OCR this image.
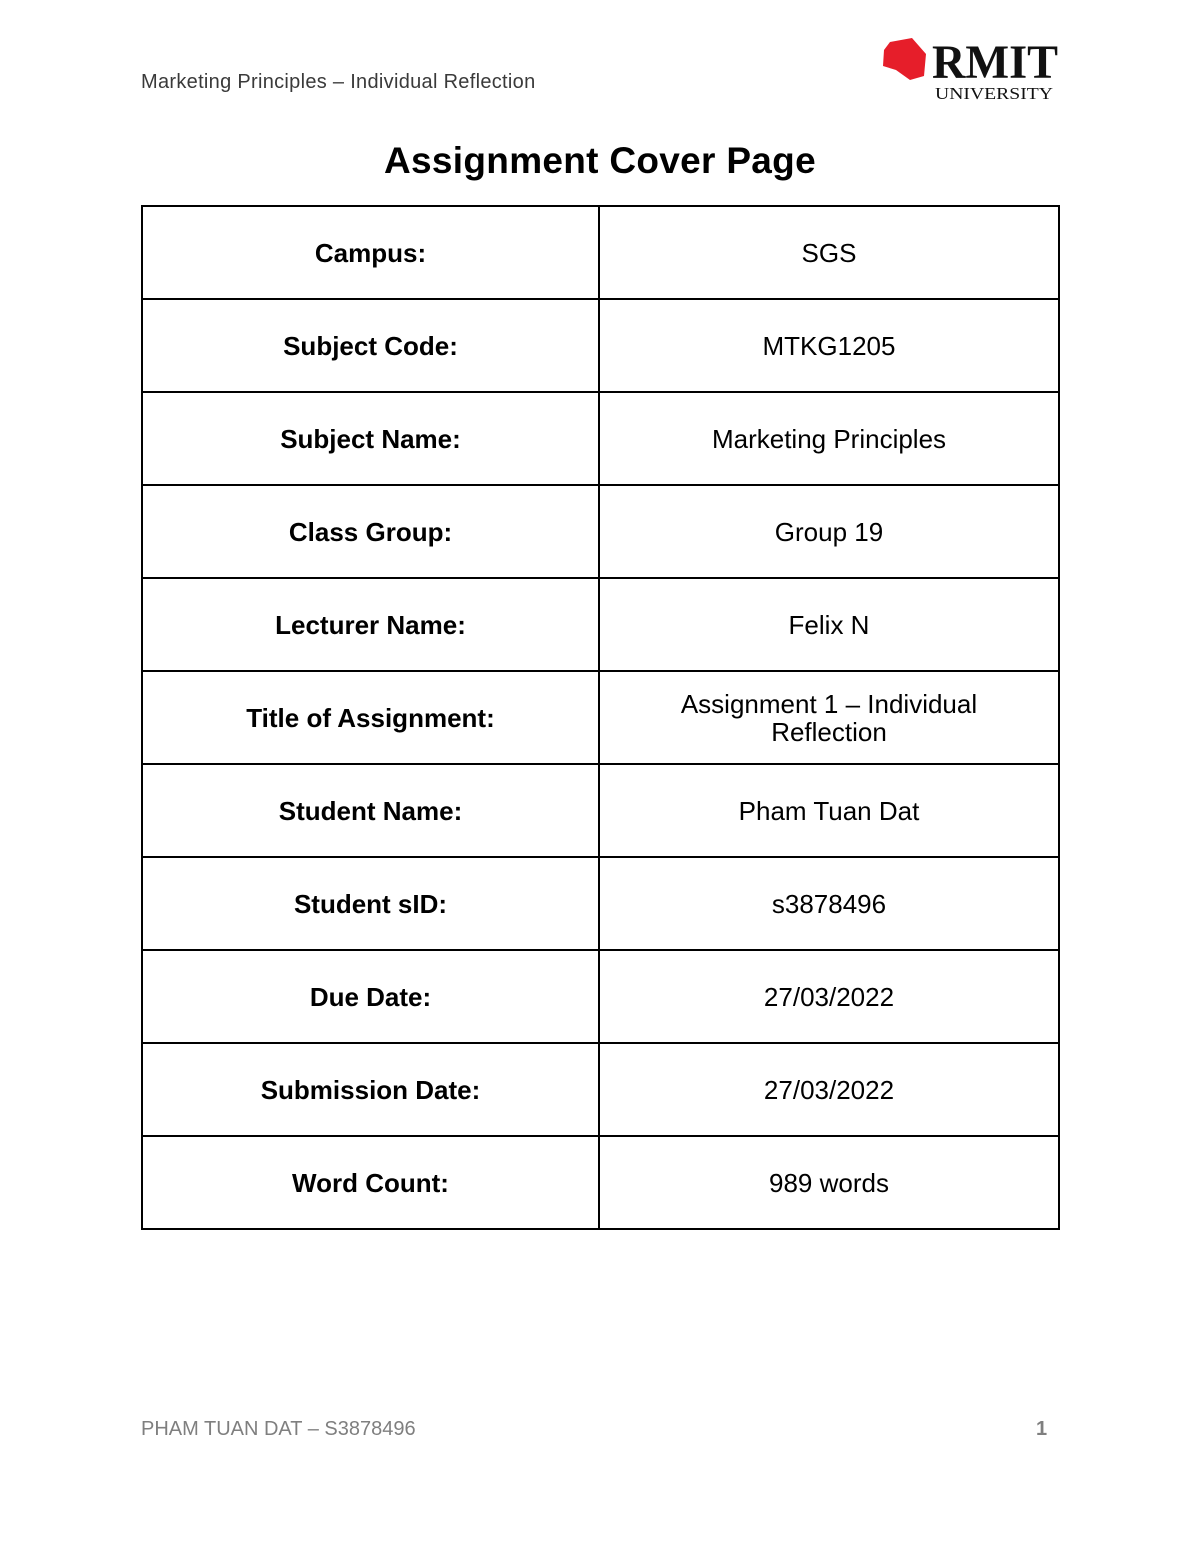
Marketing Principles – Individual Reflection	RMIT
UNIVERSITY
Assignment Cover Page
Campus:	SGS
Subject Code:	MTKG1205
Subject Name:	Marketing Principles
Class Group:	Group 19
Lecturer Name:	Felix N
Title of Assignment:	Assignment 1 – Individual Reflection
Student Name:	Pham Tuan Dat
Student sID:	s3878496
Due Date:	27/03/2022
Submission Date:	27/03/2022
Word Count:	989 words
PHAM TUAN DAT – S3878496	1
